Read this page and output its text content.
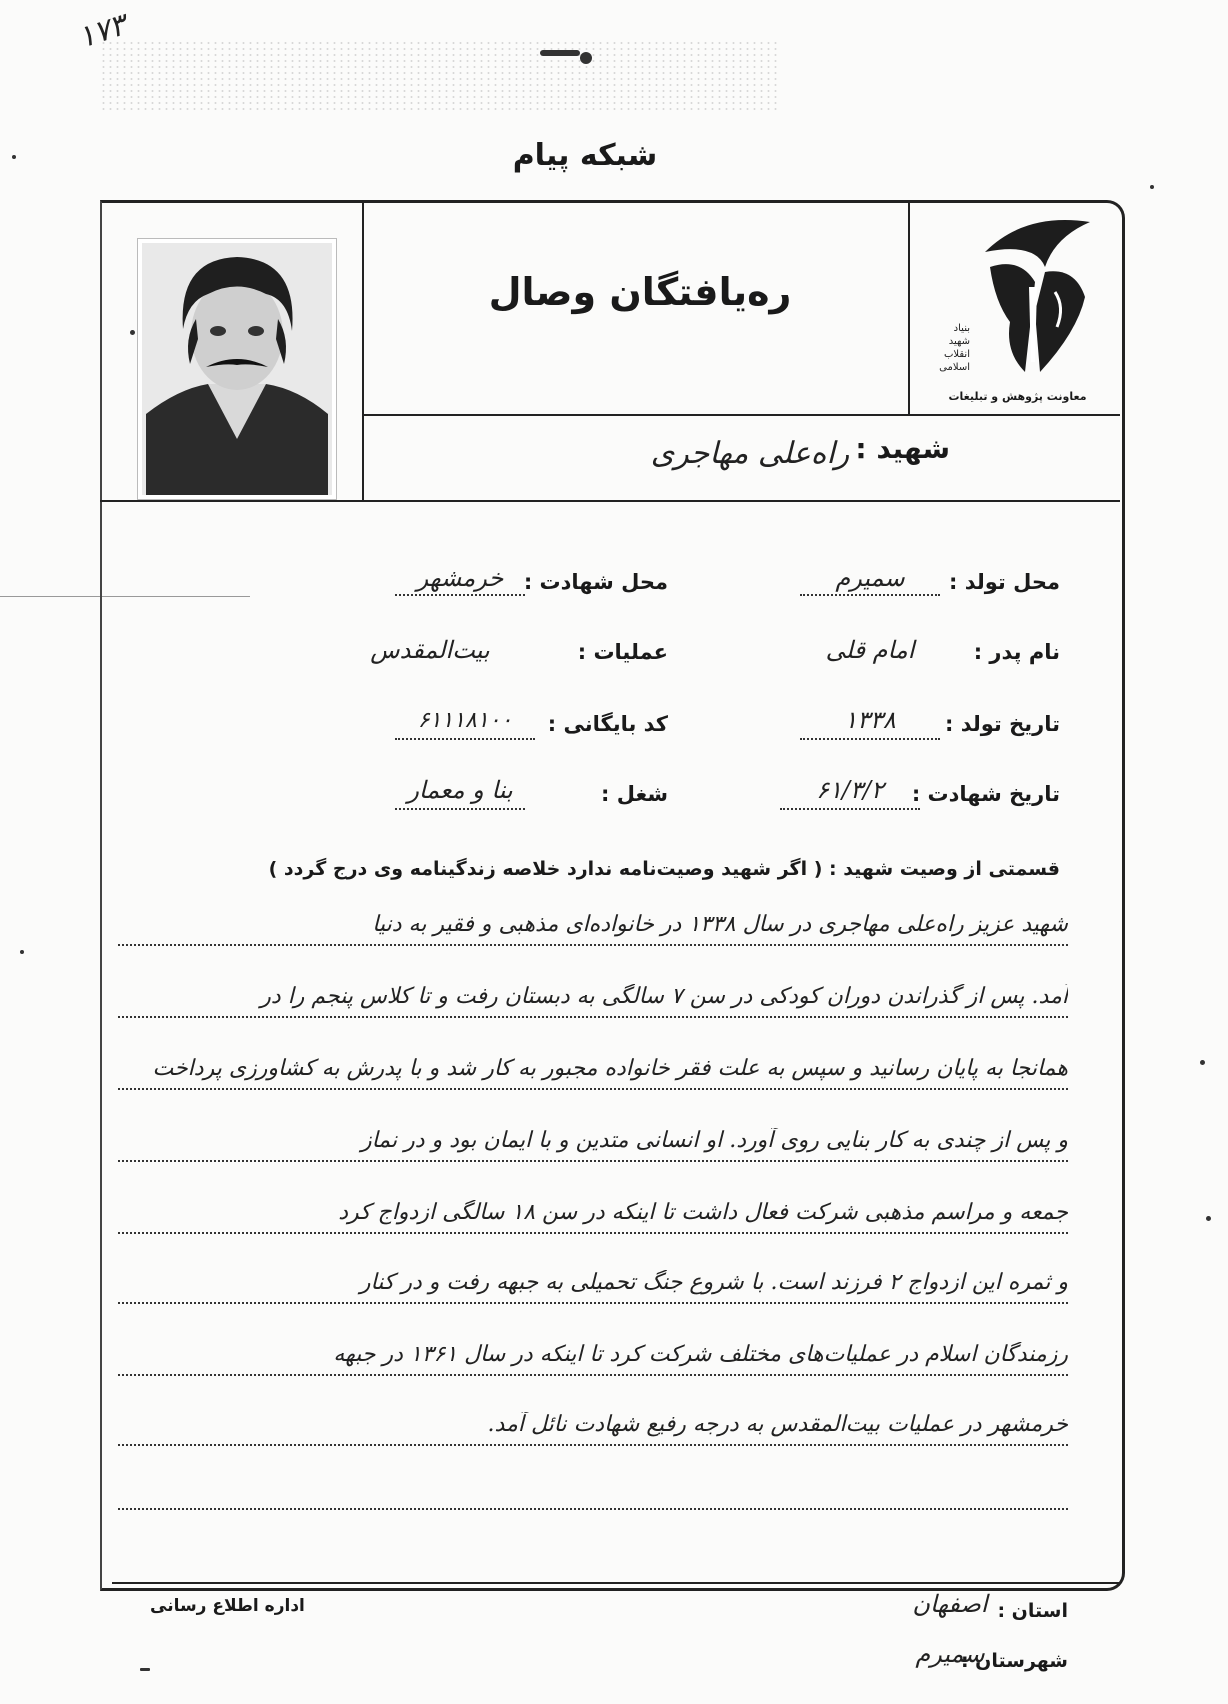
۱۷۳
شبکه پیام
ره‌یافتگان وصال
بنیاد شهید انقلاب اسلامی
معاونت پژوهش و تبلیغات
شهید :
راه‌علی مهاجری
محل تولد :
سمیرم
محل شهادت :
خرمشهر
نام پدر :
امام قلی
عملیات :
بیت‌المقدس
تاریخ تولد :
۱۳۳۸
کد بایگانی :
۶۱۱۱۸۱۰۰
تاریخ شهادت :
۶۱/۳/۲
شغل :
بنا و معمار
قسمتی از وصیت شهید : ( اگر شهید وصیت‌نامه ندارد خلاصه زندگینامه وی درج گردد )
شهید عزیز راه‌علی مهاجری در سال ۱۳۳۸ در خانواده‌ای مذهبی و فقیر به دنیا
آمد. پس از گذراندن دوران کودکی در سن ۷ سالگی به دبستان رفت و تا کلاس پنجم را در
همانجا به پایان رسانید و سپس به علت فقر خانواده مجبور به کار شد و با پدرش به کشاورزی پرداخت
و پس از چندی به کار بنایی روی آورد. او انسانی متدین و با ایمان بود و در نماز
جمعه و مراسم مذهبی شرکت فعال داشت تا اینکه در سن ۱۸ سالگی ازدواج کرد
و ثمره این ازدواج ۲ فرزند است. با شروع جنگ تحمیلی به جبهه رفت و در کنار
رزمندگان اسلام در عملیات‌های مختلف شرکت کرد تا اینکه در سال ۱۳۶۱ در جبهه
خرمشهر در عملیات بیت‌المقدس به درجه رفیع شهادت نائل آمد.
اداره اطلاع رسانی	استان :
اصفهان
شهرستان :
سمیرم
